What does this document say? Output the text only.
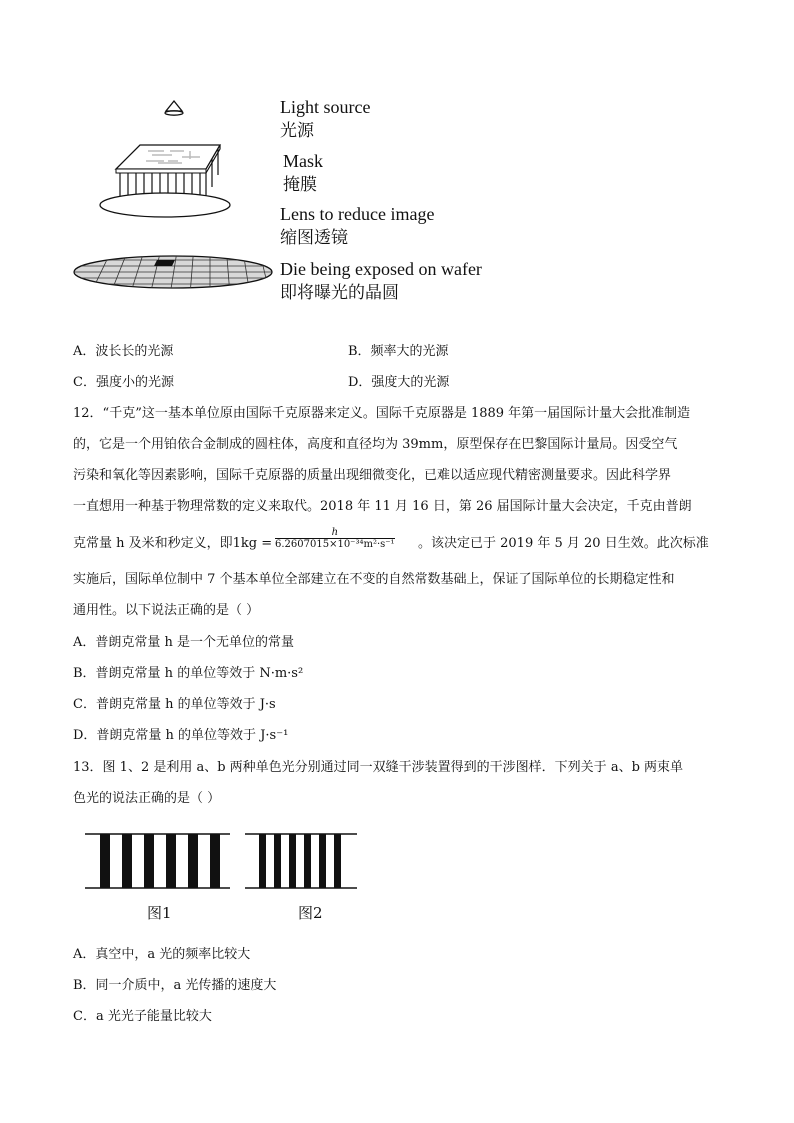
Light source
光源
Mask
掩膜
Lens to reduce image
缩图透镜
Die being exposed on wafer
即将曝光的晶圆
A．波长长的光源	B．频率大的光源
C．强度小的光源	D．强度大的光源
12．“千克”这一基本单位原由国际千克原器来定义。国际千克原器是 1889 年第一届国际计量大会批准制造
的，它是一个用铂依合金制成的圆柱体，高度和直径均为 39mm，原型保存在巴黎国际计量局。因受空气
污染和氧化等因素影响，国际千克原器的质量出现细微变化，已难以适应现代精密测量要求。因此科学界
一直想用一种基于物理常数的定义来取代。2018 年 11 月 16 日，第 26 届国际计量大会决定，千克由普朗
克常量 h 及米和秒定义，即$1kg = \frac{h}{\text{6.2607015×10⁻³⁴m²·s⁻¹}}$ 。该决定已于 2019 年 5 月 20 日生效。此次标准
实施后，国际单位制中 7 个基本单位全部建立在不变的自然常数基础上，保证了国际单位的长期稳定性和
通用性。以下说法正确的是（ ）
A．普朗克常量 h 是一个无单位的常量
B．普朗克常量 h 的单位等效于 N·m·s²
C．普朗克常量 h 的单位等效于 J·s
D．普朗克常量 h 的单位等效于 J·s⁻¹
13．图 1、2 是利用 a、b 两种单色光分别通过同一双缝干涉装置得到的干涉图样．下列关于 a、b 两束单
色光的说法正确的是（ ）
图1	图2
A．真空中，a 光的频率比较大
B．同一介质中，a 光传播的速度大
C．a 光光子能量比较大
